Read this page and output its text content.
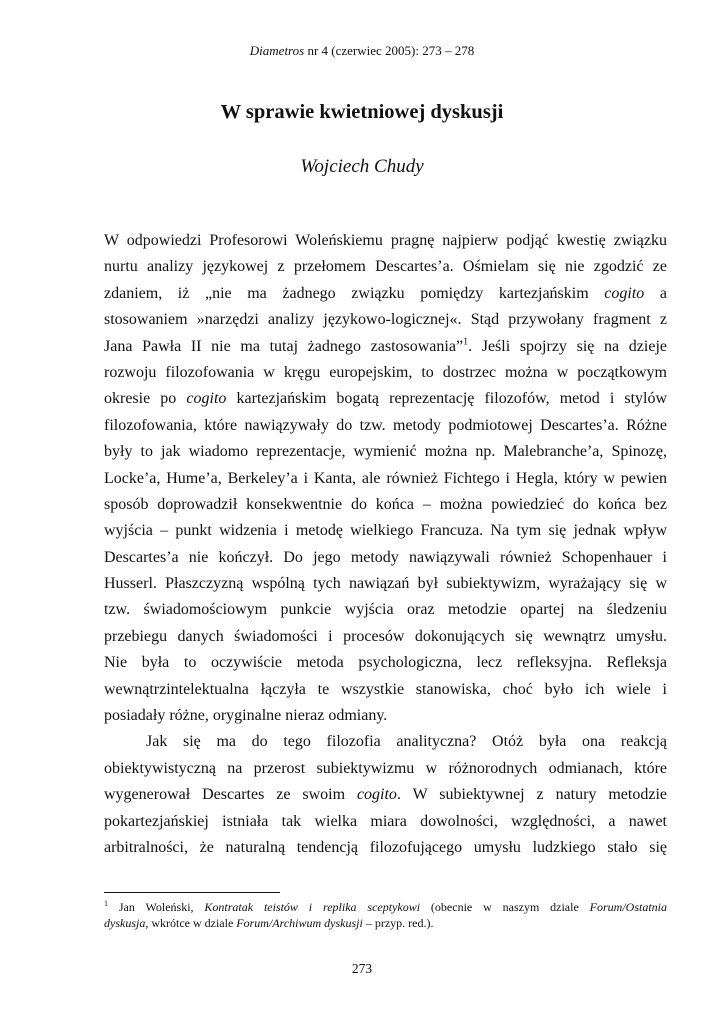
Diametros nr 4 (czerwiec 2005): 273 – 278
W sprawie kwietniowej dyskusji
Wojciech Chudy
W odpowiedzi Profesorowi Woleńskiemu pragnę najpierw podjąć kwestię związku
nurtu analizy językowej z przełomem Descartes’a. Ośmielam się nie zgodzić ze
zdaniem, iż „nie ma żadnego związku pomiędzy kartezjańskim cogito a
stosowaniem »narzędzi analizy językowo-logicznej«. Stąd przywołany fragment z
Jana Pawła II nie ma tutaj żadnego zastosowania”$^1$. Jeśli spojrzy się na dzieje
rozwoju filozofowania w kręgu europejskim, to dostrzec można w początkowym
okresie po cogito kartezjańskim bogatą reprezentację filozofów, metod i stylów
filozofowania, które nawiązywały do tzw. metody podmiotowej Descartes’a. Różne
były to jak wiadomo reprezentacje, wymienić można np. Malebranche’a, Spinozę,
Locke’a, Hume’a, Berkeley’a i Kanta, ale również Fichtego i Hegla, który w pewien
sposób doprowadził konsekwentnie do końca – można powiedzieć do końca bez
wyjścia – punkt widzenia i metodę wielkiego Francuza. Na tym się jednak wpływ
Descartes’a nie kończył. Do jego metody nawiązywali również Schopenhauer i
Husserl. Płaszczyzną wspólną tych nawiązań był subiektywizm, wyrażający się w
tzw. świadomościowym punkcie wyjścia oraz metodzie opartej na śledzeniu
przebiegu danych świadomości i procesów dokonujących się wewnątrz umysłu.
Nie była to oczywiście metoda psychologiczna, lecz refleksyjna. Refleksja
wewnątrzintelektualna łączyła te wszystkie stanowiska, choć było ich wiele i
posiadały różne, oryginalne nieraz odmiany.
Jak się ma do tego filozofia analityczna? Otóż była ona reakcją
obiektywistyczną na przerost subiektywizmu w różnorodnych odmianach, które
wygenerował Descartes ze swoim cogito. W subiektywnej z natury metodzie
pokartezjańskiej istniała tak wielka miara dowolności, względności, a nawet
arbitralności, że naturalną tendencją filozofującego umysłu ludzkiego stało się
$^1$ Jan Woleński, Kontratak teistów i replika sceptykowi (obecnie w naszym dziale Forum/Ostatnia
dyskusja, wkrótce w dziale Forum/Archiwum dyskusji – przyp. red.).
273
